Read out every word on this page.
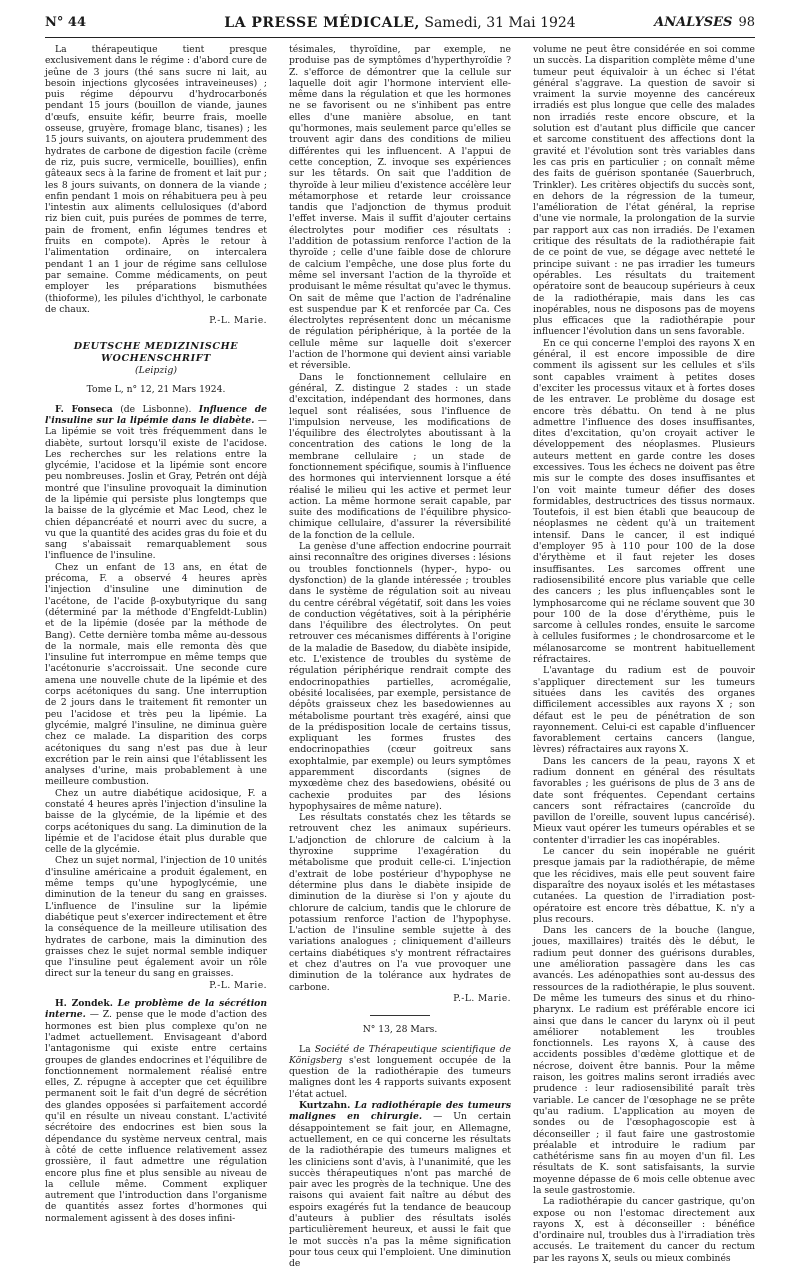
N° 44	LA PRESSE MÉDICALE, Samedi, 31 Mai 1924	ANALYSES 98

La thérapeutique tient presque exclusivement dans le régime : d'abord cure de jeûne de 3 jours (thé sans sucre ni lait, au besoin injections glycosées intraveineuses) ; puis régime dépourvu d'hydrocarbonés pendant 15 jours (bouillon de viande, jaunes d'œufs, ensuite kéfir, beurre frais, moelle osseuse, gruyère, fromage blanc, tisanes) ; les 15 jours suivants, on ajoutera prudemment des hydrates de carbone de digestion facile (crème de riz, puis sucre, vermicelle, bouillies), enfin gâteaux secs à la farine de froment et lait pur ; les 8 jours suivants, on donnera de la viande ; enfin pendant 1 mois on réhabituera peu à peu l'intestin aux aliments cellulosiques (d'abord riz bien cuit, puis purées de pommes de terre, pain de froment, enfin légumes tendres et fruits en compote). Après le retour à l'alimentation ordinaire, on intercalera pendant 1 an 1 jour de régime sans cellulose par semaine. Comme médicaments, on peut employer les préparations bismuthées (thioforme), les pilules d'ichthyol, le carbonate de chaux.

P.-L. Marie.
DEUTSCHE MEDIZINISCHE WOCHENSCHRIFT
(Leipzig)
Tome L, n° 12, 21 Mars 1924.

F. Fonseca (de Lisbonne). Influence de l'insuline sur la lipémie dans le diabète. — La lipémie se voit très fréquemment dans le diabète, surtout lorsqu'il existe de l'acidose. Les recherches sur les relations entre la glycémie, l'acidose et la lipémie sont encore peu nombreuses. Joslin et Gray, Petrén ont déjà montré que l'insuline provoquait la diminution de la lipémie qui persiste plus longtemps que la baisse de la glycémie et Mac Leod, chez le chien dépancréaté et nourri avec du sucre, a vu que la quantité des acides gras du foie et du sang s'abaissait remarquablement sous l'influence de l'insuline.

Chez un enfant de 13 ans, en état de précoma, F. a observé 4 heures après l'injection d'insuline une diminution de l'acétone, de l'acide β-oxybutyrique du sang (déterminé par la méthode d'Engfeldt-Lublin) et de la lipémie (dosée par la méthode de Bang). Cette dernière tomba même au-dessous de la normale, mais elle remonta dès que l'insuline fut interrompue en même temps que l'acétonurie s'accroissait. Une seconde cure amena une nouvelle chute de la lipémie et des corps acétoniques du sang. Une interruption de 2 jours dans le traitement fit remonter un peu l'acidose et très peu la lipémie. La glycémie, malgré l'insuline, ne diminua guère chez ce malade. La disparition des corps acétoniques du sang n'est pas due à leur excrétion par le rein ainsi que l'établissent les analyses d'urine, mais probablement à une meilleure combustion.

Chez un autre diabétique acidosique, F. a constaté 4 heures après l'injection d'insuline la baisse de la glycémie, de la lipémie et des corps acétoniques du sang. La diminution de la lipémie et de l'acidose était plus durable que celle de la glycémie.

Chez un sujet normal, l'injection de 10 unités d'insuline américaine a produit également, en même temps qu'une hypoglycémie, une diminution de la teneur du sang en graisses. L'influence de l'insuline sur la lipémie diabétique peut s'exercer indirectement et être la conséquence de la meilleure utilisation des hydrates de carbone, mais la diminution des graisses chez le sujet normal semble indiquer que l'insuline peut également avoir un rôle direct sur la teneur du sang en graisses.

P.-L. Marie.

H. Zondek. Le problème de la sécrétion interne. — Z. pense que le mode d'action des hormones est bien plus complexe qu'on ne l'admet actuellement. Envisageant d'abord l'antagonisme qui existe entre certains groupes de glandes endocrines et l'équilibre de fonctionnement normalement réalisé entre elles, Z. répugne à accepter que cet équilibre permanent soit le fait d'un degré de sécrétion des glandes opposées si parfaitement accordé qu'il en résulte un niveau constant. L'activité sécrétoire des endocrines est bien sous la dépendance du système nerveux central, mais à côté de cette influence relativement assez grossière, il faut admettre une régulation encore plus fine et plus sensible au niveau de la cellule même. Comment expliquer autrement que l'introduction dans l'organisme de quantités assez fortes d'hormones qui normalement agissent à des doses infini-

tésimales, thyroïdine, par exemple, ne produise pas de symptômes d'hyperthyroïdie ? Z. s'efforce de démontrer que la cellule sur laquelle doit agir l'hormone intervient elle-même dans la régulation et que les hormones ne se favorisent ou ne s'inhibent pas entre elles d'une manière absolue, en tant qu'hormones, mais seulement parce qu'elles se trouvent agir dans des conditions de milieu différentes qui les influencent. A l'appui de cette conception, Z. invoque ses expériences sur les têtards. On sait que l'addition de thyroïde à leur milieu d'existence accélère leur métamorphose et retarde leur croissance tandis que l'adjonction de thymus produit l'effet inverse. Mais il suffit d'ajouter certains électrolytes pour modifier ces résultats : l'addition de potassium renforce l'action de la thyroïde ; celle d'une faible dose de chlorure de calcium l'empêche, une dose plus forte du même sel inversant l'action de la thyroïde et produisant le même résultat qu'avec le thymus. On sait de même que l'action de l'adrénaline est suspendue par K et renforcée par Ca. Ces électrolytes représentent donc un mécanisme de régulation périphérique, à la portée de la cellule même sur laquelle doit s'exercer l'action de l'hormone qui devient ainsi variable et réversible.

Dans le fonctionnement cellulaire en général, Z. distingue 2 stades : un stade d'excitation, indépendant des hormones, dans lequel sont réalisées, sous l'influence de l'impulsion nerveuse, les modifications de l'équilibre des électrolytes aboutissant à la concentration des cations le long de la membrane cellulaire ; un stade de fonctionnement spécifique, soumis à l'influence des hormones qui interviennent lorsque a été réalisé le milieu qui les active et permet leur action. La même hormone serait capable, par suite des modifications de l'équilibre physico-chimique cellulaire, d'assurer la réversibilité de la fonction de la cellule.

La genèse d'une affection endocrine pourrait ainsi reconnaître des origines diverses : lésions ou troubles fonctionnels (hyper-, hypo- ou dysfonction) de la glande intéressée ; troubles dans le système de régulation soit au niveau du centre cérébral végétatif, soit dans les voies de conduction végétatives, soit à la périphérie dans l'équilibre des électrolytes. On peut retrouver ces mécanismes différents à l'origine de la maladie de Basedow, du diabète insipide, etc. L'existence de troubles du système de régulation périphérique rendrait compte des endocrinopathies partielles, acromégalie, obésité localisées, par exemple, persistance de dépôts graisseux chez les basedowiennes au métabolisme pourtant très exagéré, ainsi que de la prédisposition locale de certains tissus, expliquant les formes frustes des endocrinopathies (cœur goitreux sans exophtalmie, par exemple) ou leurs symptômes apparemment discordants (signes de myxœdème chez des basedowiens, obésité ou cachexie produites par des lésions hypophysaires de même nature).

Les résultats constatés chez les têtards se retrouvent chez les animaux supérieurs. L'adjonction de chlorure de calcium à la thyroxine supprime l'exagération du métabolisme que produit celle-ci. L'injection d'extrait de lobe postérieur d'hypophyse ne détermine plus dans le diabète insipide de diminution de la diurèse si l'on y ajoute du chlorure de calcium, tandis que le chlorure de potassium renforce l'action de l'hypophyse. L'action de l'insuline semble sujette à des variations analogues ; cliniquement d'ailleurs certains diabétiques s'y montrent réfractaires et chez d'autres on l'a vue provoquer une diminution de la tolérance aux hydrates de carbone.

P.-L. Marie.
N° 13, 28 Mars.

La Société de Thérapeutique scientifique de Königsberg s'est longuement occupée de la question de la radiothérapie des tumeurs malignes dont les 4 rapports suivants exposent l'état actuel.

Kurtzahn. La radiothérapie des tumeurs malignes en chirurgie. — Un certain désappointement se fait jour, en Allemagne, actuellement, en ce qui concerne les résultats de la radiothérapie des tumeurs malignes et les cliniciens sont d'avis, à l'unanimité, que les succès thérapeutiques n'ont pas marché de pair avec les progrès de la technique. Une des raisons qui avaient fait naître au début des espoirs exagérés fut la tendance de beaucoup d'auteurs à publier des résultats isolés particulièrement heureux, et aussi le fait que le mot succès n'a pas la même signification pour tous ceux qui l'emploient. Une diminution de

volume ne peut être considérée en soi comme un succès. La disparition complète même d'une tumeur peut équivaloir à un échec si l'état général s'aggrave. La question de savoir si vraiment la survie moyenne des cancéreux irradiés est plus longue que celle des malades non irradiés reste encore obscure, et la solution est d'autant plus difficile que cancer et sarcome constituent des affections dont la gravité et l'évolution sont très variables dans les cas pris en particulier ; on connaît même des faits de guérison spontanée (Sauerbruch, Trinkler). Les critères objectifs du succès sont, en dehors de la régression de la tumeur, l'amélioration de l'état général, la reprise d'une vie normale, la prolongation de la survie par rapport aux cas non irradiés. De l'examen critique des résultats de la radiothérapie fait de ce point de vue, se dégage avec netteté le principe suivant : ne pas irradier les tumeurs opérables. Les résultats du traitement opératoire sont de beaucoup supérieurs à ceux de la radiothérapie, mais dans les cas inopérables, nous ne disposons pas de moyens plus efficaces que la radiothérapie pour influencer l'évolution dans un sens favorable.

En ce qui concerne l'emploi des rayons X en général, il est encore impossible de dire comment ils agissent sur les cellules et s'ils sont capables vraiment à petites doses d'exciter les processus vitaux et à fortes doses de les entraver. Le problème du dosage est encore très débattu. On tend à ne plus admettre l'influence des doses insuffisantes, dites d'excitation, qu'on croyait activer le développement des néoplasmes. Plusieurs auteurs mettent en garde contre les doses excessives. Tous les échecs ne doivent pas être mis sur le compte des doses insuffisantes et l'on voit mainte tumeur défier des doses formidables, destructrices des tissus normaux. Toutefois, il est bien établi que beaucoup de néoplasmes ne cèdent qu'à un traitement intensif. Dans le cancer, il est indiqué d'employer 95 à 110 pour 100 de la dose d'érythème et il faut rejeter les doses insuffisantes. Les sarcomes offrent une radiosensibilité encore plus variable que celle des cancers ; les plus influençables sont le lymphosarcome qui ne réclame souvent que 30 pour 100 de la dose d'érythème, puis le sarcome à cellules rondes, ensuite le sarcome à cellules fusiformes ; le chondrosarcome et le mélanosarcome se montrent habituellement réfractaires.

L'avantage du radium est de pouvoir s'appliquer directement sur les tumeurs situées dans les cavités des organes difficilement accessibles aux rayons X ; son défaut est le peu de pénétration de son rayonnement. Celui-ci est capable d'influencer favorablement certains cancers (langue, lèvres) réfractaires aux rayons X.

Dans les cancers de la peau, rayons X et radium donnent en général des résultats favorables ; les guérisons de plus de 3 ans de date sont fréquentes. Cependant certains cancers sont réfractaires (cancroïde du pavillon de l'oreille, souvent lupus cancérisé). Mieux vaut opérer les tumeurs opérables et se contenter d'irradier les cas inopérables.

Le cancer du sein inopérable ne guérit presque jamais par la radiothérapie, de même que les récidives, mais elle peut souvent faire disparaître des noyaux isolés et les métastases cutanées. La question de l'irradiation post-opératoire est encore très débattue, K. n'y a plus recours.

Dans les cancers de la bouche (langue, joues, maxillaires) traités dès le début, le radium peut donner des guérisons durables, une amélioration passagère dans les cas avancés. Les adénopathies sont au-dessus des ressources de la radiothérapie, le plus souvent. De même les tumeurs des sinus et du rhino-pharynx. Le radium est préférable encore ici ainsi que dans le cancer du larynx où il peut améliorer notablement les troubles fonctionnels. Les rayons X, à cause des accidents possibles d'œdème glottique et de nécrose, doivent être bannis. Pour la même raison, les goitres malins seront irradiés avec prudence : leur radiosensibilité paraît très variable. Le cancer de l'œsophage ne se prête qu'au radium. L'application au moyen de sondes ou de l'œsophagoscopie est à déconseiller ; il faut faire une gastrostomie préalable et introduire le radium par cathétérisme sans fin au moyen d'un fil. Les résultats de K. sont satisfaisants, la survie moyenne dépasse de 6 mois celle obtenue avec la seule gastrostomie.

La radiothérapie du cancer gastrique, qu'on expose ou non l'estomac directement aux rayons X, est à déconseiller : bénéfice d'ordinaire nul, troubles dus à l'irradiation très accusés. Le traitement du cancer du rectum par les rayons X, seuls ou mieux combinés
